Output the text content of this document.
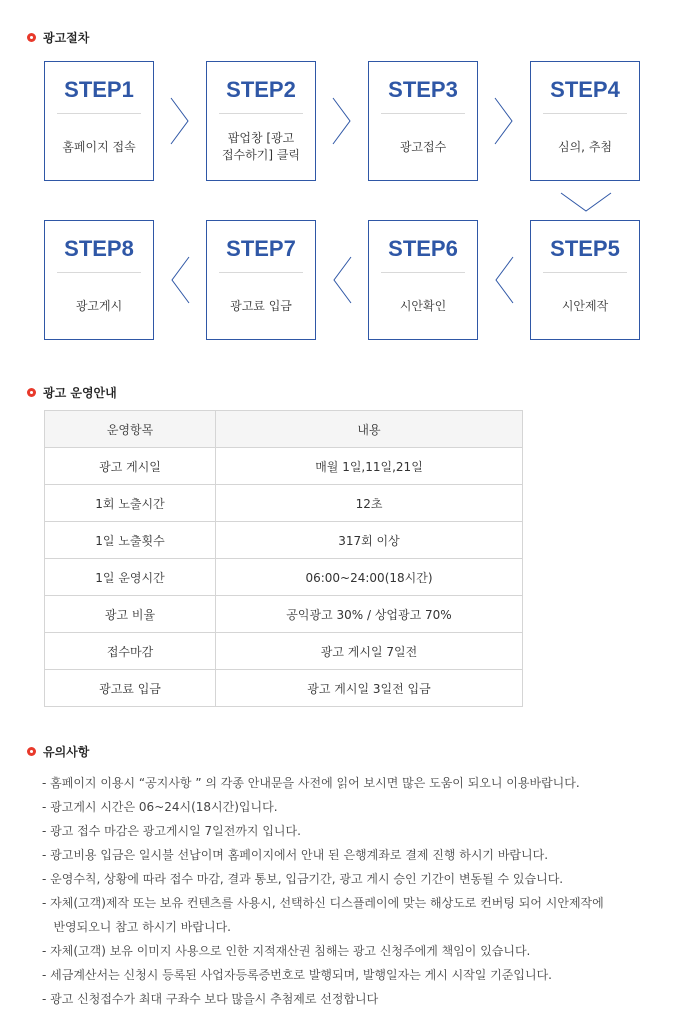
광고절차
STEP1
홈페이지 접속
STEP2
팝업창 [광고
접수하기] 클릭
STEP3
광고접수
STEP4
심의, 추첨
STEP8
광고게시
STEP7
광고료 입금
STEP6
시안확인
STEP5
시안제작
광고 운영안내
운영항목	내용
광고 게시일	매월 1일,11일,21일
1회 노출시간	12초
1일 노출횟수	317회 이상
1일 운영시간	06:00~24:00(18시간)
광고 비율	공익광고 30% / 상업광고 70%
접수마감	광고 게시일 7일전
광고료 입금	광고 게시일 3일전 입금
유의사항
- 홈페이지 이용시 “공지사항 ” 의 각종 안내문을 사전에 읽어 보시면 많은 도움이 되오니 이용바랍니다.
- 광고게시 시간은 06~24시(18시간)입니다.
- 광고 접수 마감은 광고게시일 7일전까지 입니다.
- 광고비용 입금은 일시불 선납이며 홈페이지에서 안내 된 은행계좌로 결제 진행 하시기 바랍니다.
- 운영수칙, 상황에 따라 접수 마감, 결과 통보, 입금기간, 광고 게시 승인 기간이 변동될 수 있습니다.
- 자체(고객)제작 또는 보유 컨텐츠를 사용시, 선택하신 디스플레이에 맞는 해상도로 컨버팅 되어 시안제작에
반영되오니 참고 하시기 바랍니다.
- 자체(고객) 보유 이미지 사용으로 인한 지적재산권 침해는 광고 신청주에게 책임이 있습니다.
- 세금계산서는 신청시 등록된 사업자등록증번호로 발행되며, 발행일자는 게시 시작일 기준입니다.
- 광고 신청접수가 최대 구좌수 보다 많을시 추첨제로 선정합니다
